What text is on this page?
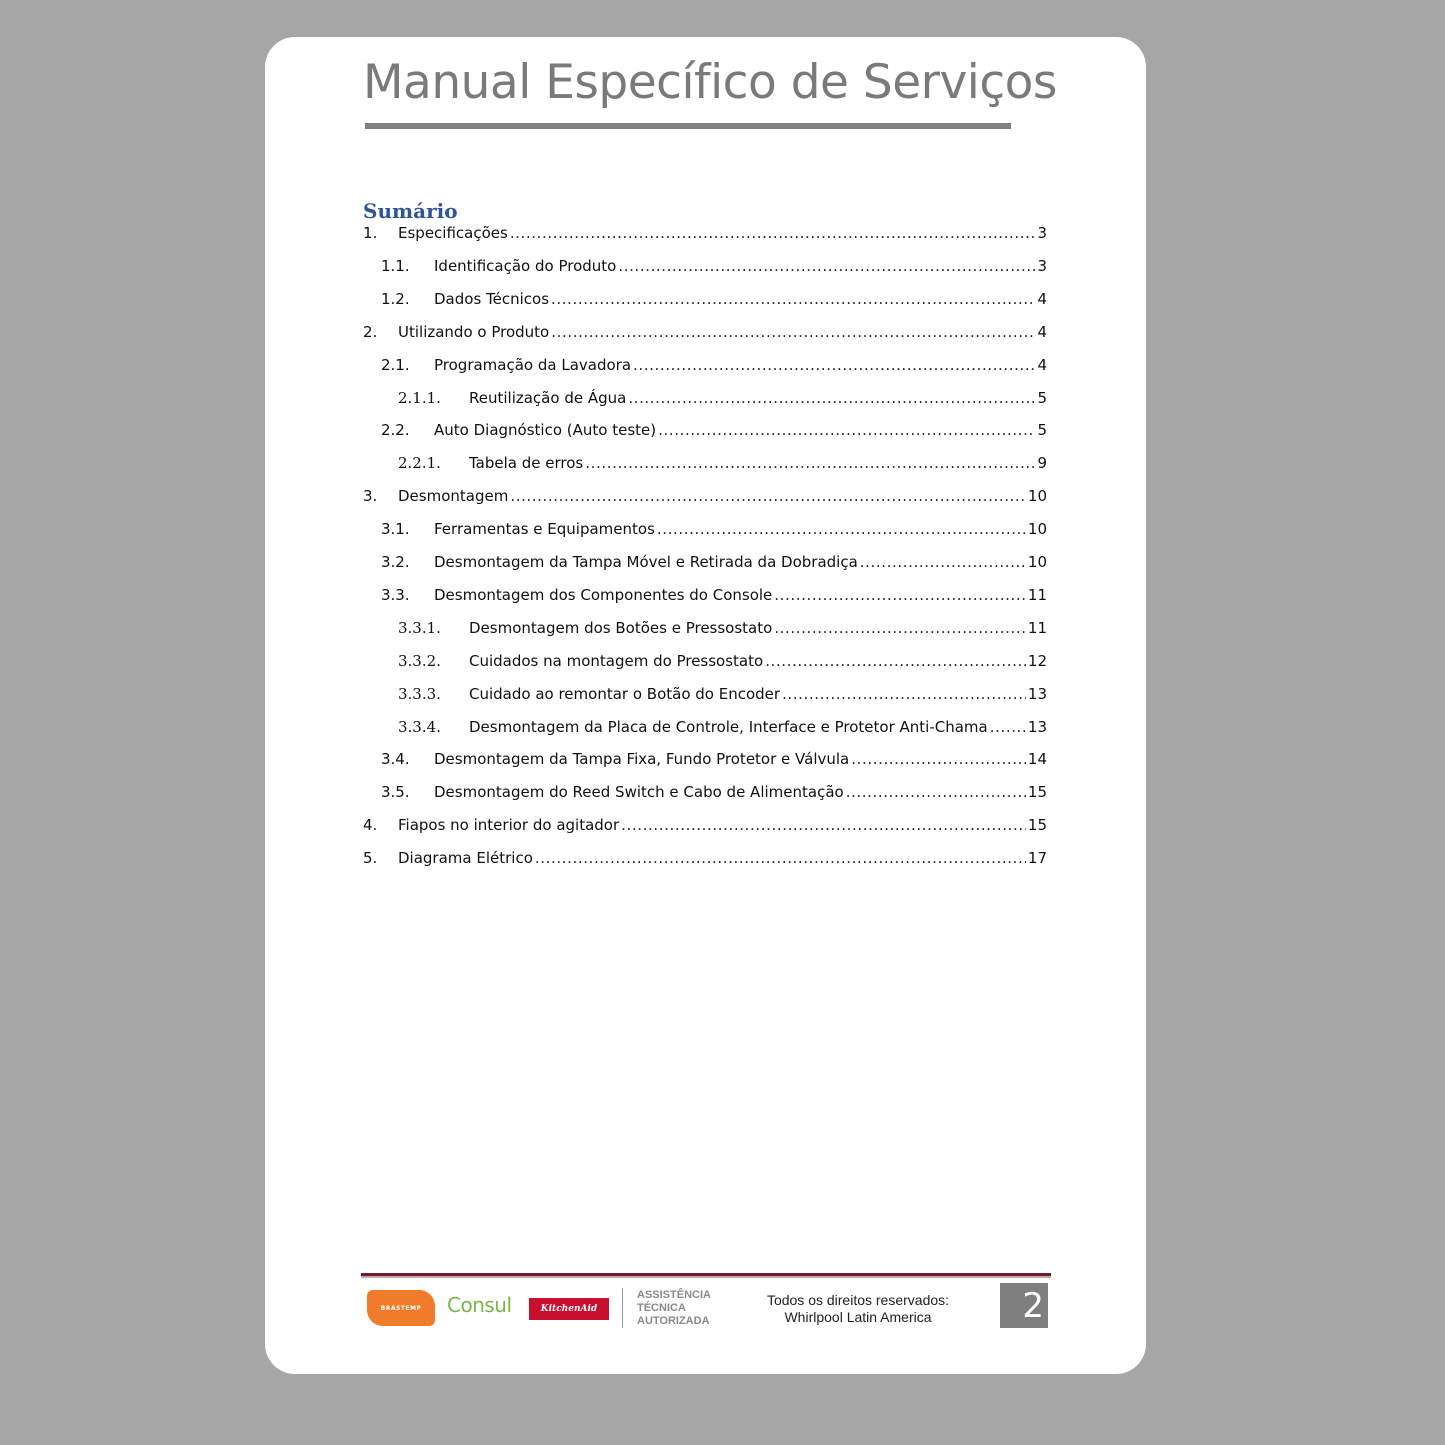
Manual Específico de Serviços
Sumário
1.	Especificações .....	3
1.1.	Identificação do Produto .....	3
1.2.	Dados Técnicos .....	4
2.	Utilizando o Produto .....	4
2.1.	Programação da Lavadora .....	4
2.1.1.	Reutilização de Água .....	5
2.2.	Auto Diagnóstico (Auto teste) .....	5
2.2.1.	Tabela de erros .....	9
3.	Desmontagem .....	10
3.1.	Ferramentas e Equipamentos .....	10
3.2.	Desmontagem da Tampa Móvel e Retirada da Dobradiça .....	10
3.3.	Desmontagem dos Componentes do Console .....	11
3.3.1.	Desmontagem dos Botões e Pressostato .....	11
3.3.2.	Cuidados na montagem do Pressostato .....	12
3.3.3.	Cuidado ao remontar o Botão do Encoder .....	13
3.3.4.	Desmontagem da Placa de Controle, Interface e Protetor Anti-Chama .....	13
3.4.	Desmontagem da Tampa Fixa, Fundo Protetor e Válvula .....	14
3.5.	Desmontagem do Reed Switch e Cabo de Alimentação .....	15
4.	Fiapos no interior do agitador .....	15
5.	Diagrama Elétrico .....	17
BRASTEMP Consul	KitchenAid
ASSISTÊNCIA
TÉCNICA
AUTORIZADA
Todos os direitos reservados:
Whirlpool Latin America	2
